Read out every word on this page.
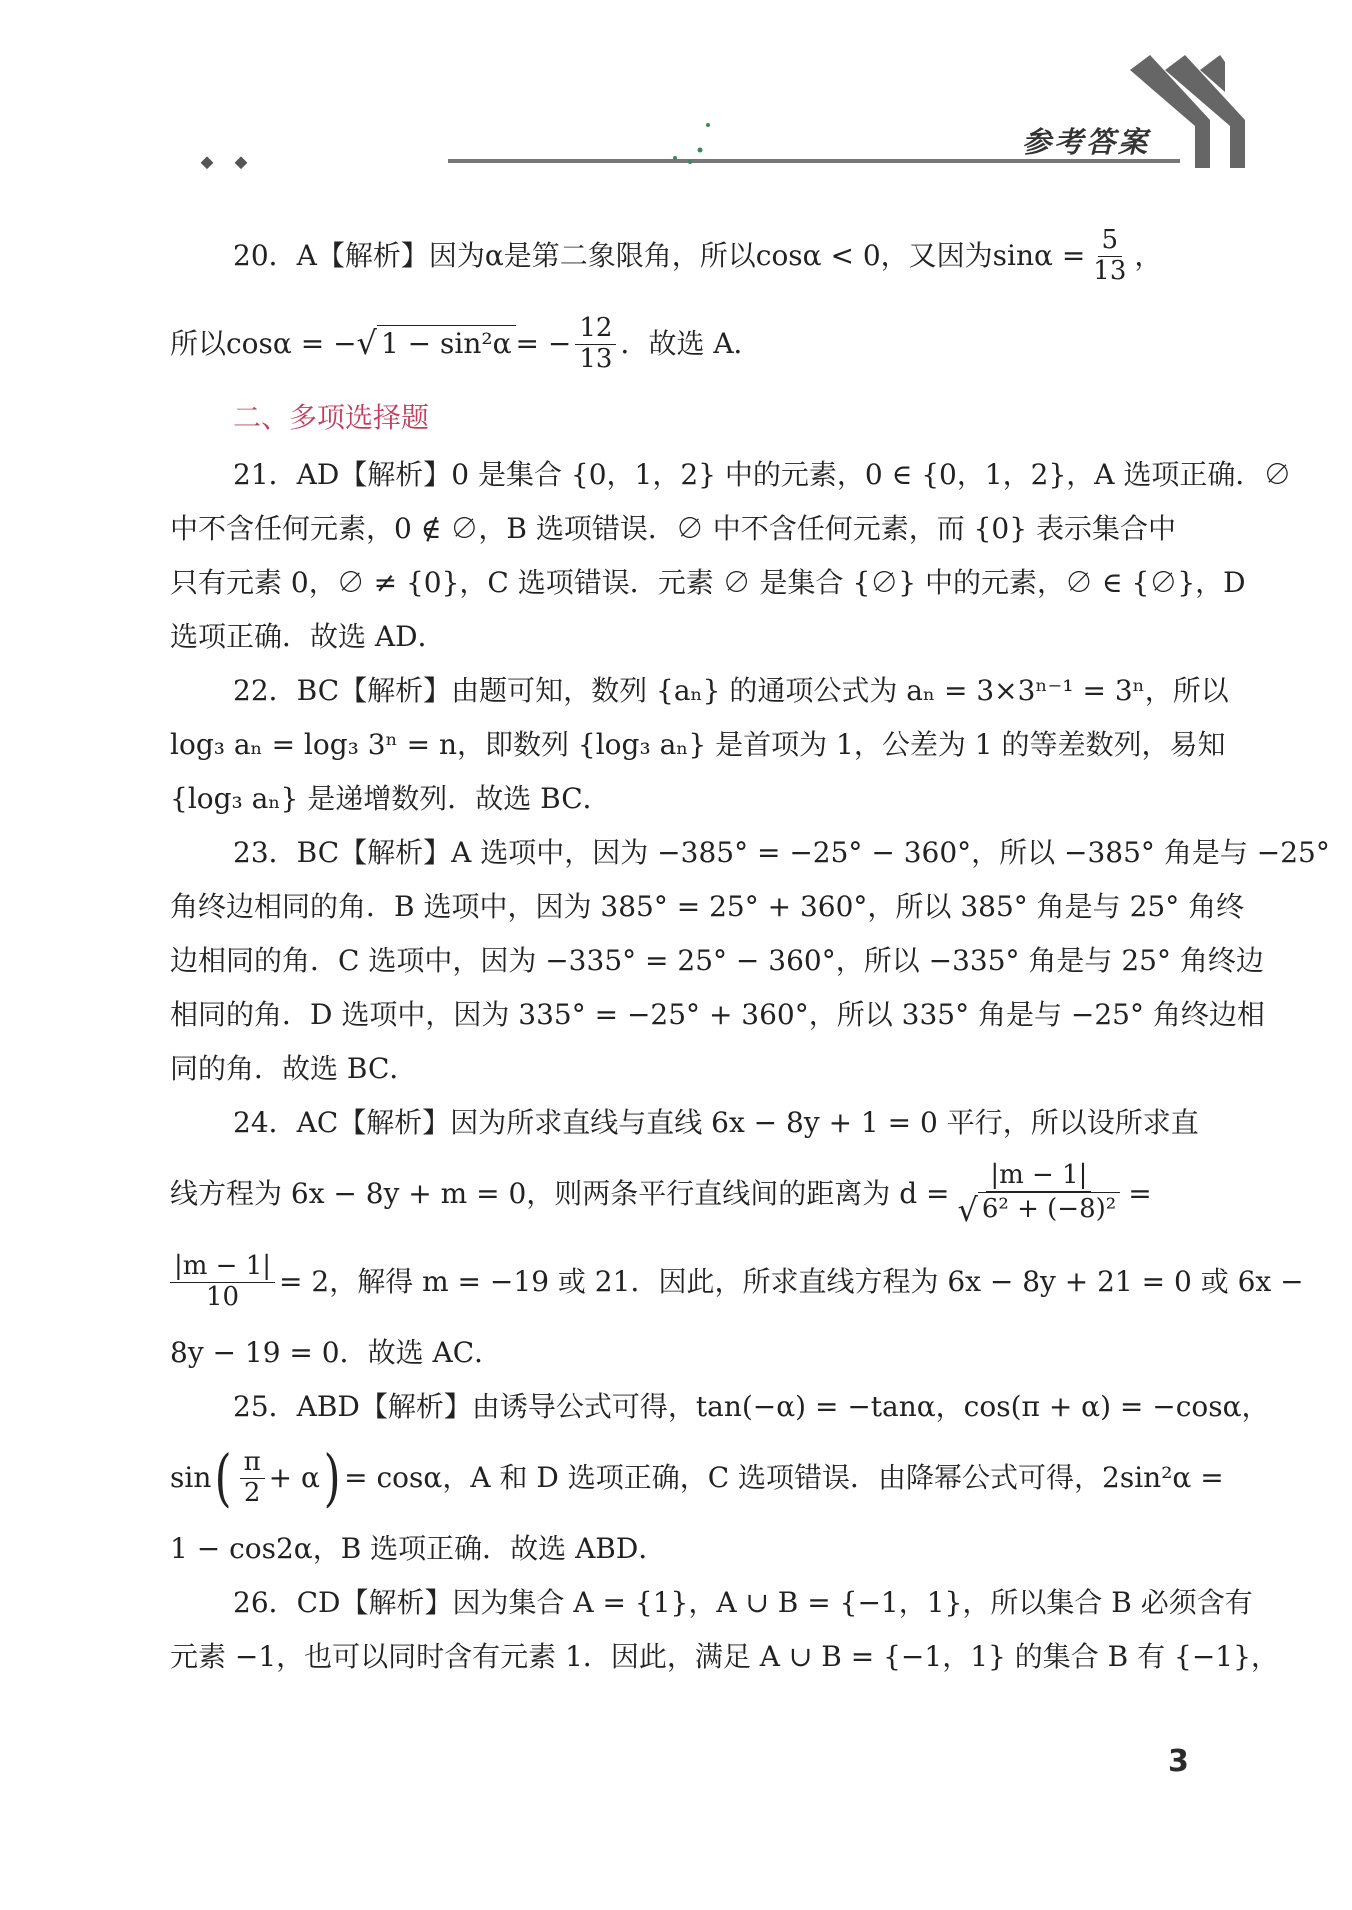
参考答案
20．A【解析】因为α是第二象限角，所以cosα < 0，又因为$\sin\alpha = \frac{5}{13}$ ，
所以cosα = − √ 1 − sin²α = − $\frac{12}{13}$ ．故选 A．
二、多项选择题
21．AD【解析】0 是集合 {0，1，2} 中的元素，0 ∈ {0，1，2}，A 选项正确．∅
中不含任何元素，0 ∉ ∅，B 选项错误．∅ 中不含任何元素，而 {0} 表示集合中
只有元素 0，∅ ≠ {0}，C 选项错误．元素 ∅ 是集合 {∅} 中的元素，∅ ∈ {∅}，D
选项正确．故选 AD．
22．BC【解析】由题可知，数列 {aₙ} 的通项公式为 aₙ = 3×3ⁿ⁻¹ = 3ⁿ，所以
log₃ aₙ = log₃ 3ⁿ = n，即数列 {log₃ aₙ} 是首项为 1，公差为 1 的等差数列，易知
{log₃ aₙ} 是递增数列．故选 BC．
23．BC【解析】A 选项中，因为 −385° = −25° − 360°，所以 −385° 角是与 −25°
角终边相同的角．B 选项中，因为 385° = 25° + 360°，所以 385° 角是与 25° 角终
边相同的角．C 选项中，因为 −335° = 25° − 360°，所以 −335° 角是与 25° 角终边
相同的角．D 选项中，因为 335° = −25° + 360°，所以 335° 角是与 −25° 角终边相
同的角．故选 BC．
24．AC【解析】因为所求直线与直线 6x − 8y + 1 = 0 平行，所以设所求直
线方程为 6x − 8y + m = 0，则两条平行直线间的距离为 $d = \frac{|m - 1|}{\text{√ 6² + (−8)²}}$ =
$\frac{|m - 1|}{10} = 2$，解得 m = −19 或 21．因此，所求直线方程为 6x − 8y + 21 = 0 或 6x −
8y − 19 = 0．故选 AC．
25．ABD【解析】由诱导公式可得，tan(−α) = −tanα，cos(π + α) = −cosα，
sin ( $\frac{\pi}{2} + \alpha$ ) = cosα，A 和 D 选项正确，C 选项错误．由降幂公式可得，2sin²α =
1 − cos2α，B 选项正确．故选 ABD．
26．CD【解析】因为集合 A = {1}，A ∪ B = {−1，1}，所以集合 B 必须含有
元素 −1，也可以同时含有元素 1．因此，满足 A ∪ B = {−1，1} 的集合 B 有 {−1}，
3
